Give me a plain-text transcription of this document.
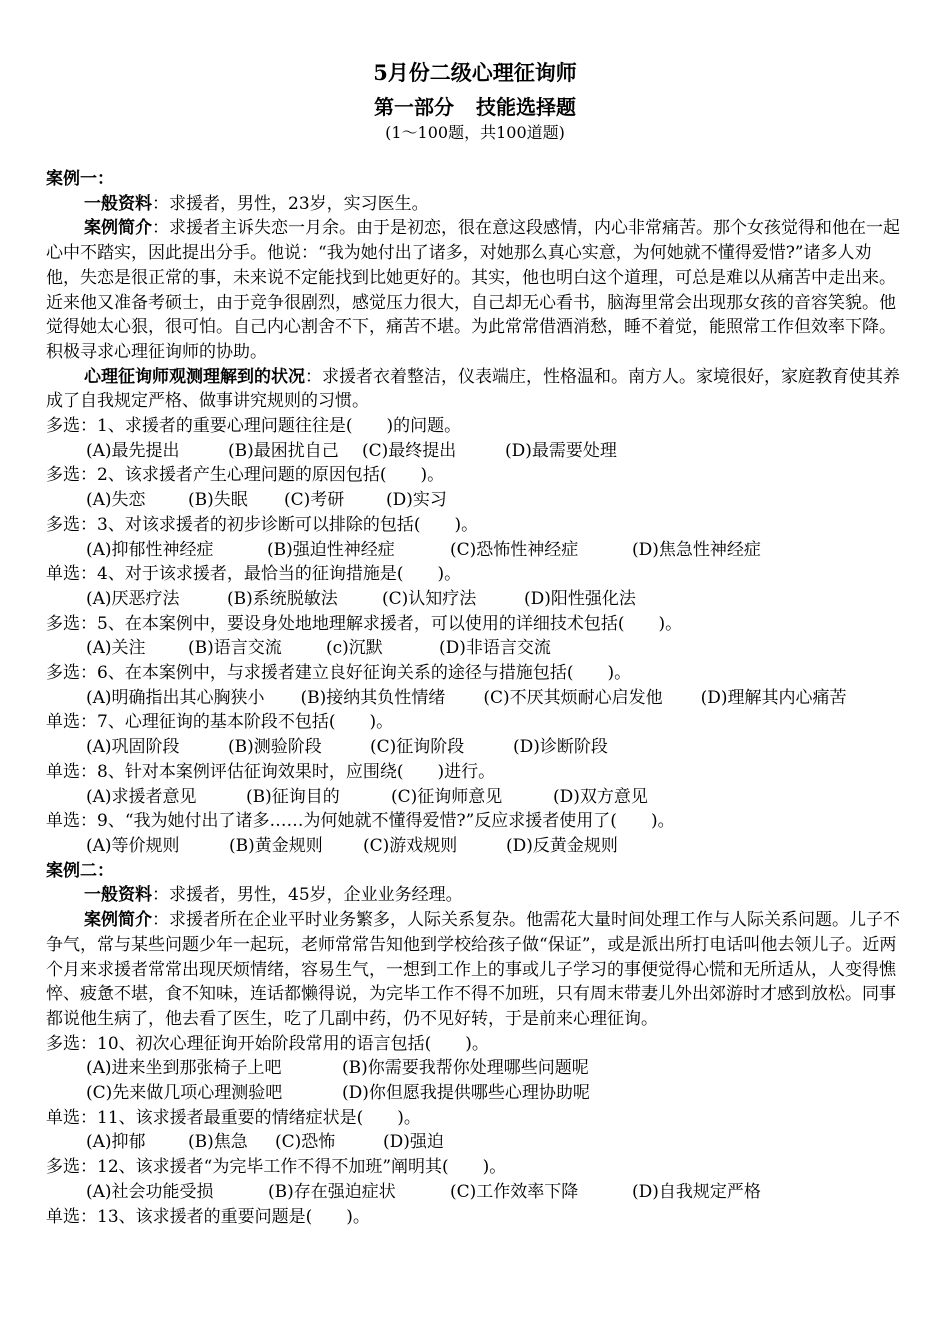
5月份二级心理征询师

第一部分 技能选择题

(1～100题，共100道题)

案例一：

一般资料：求援者，男性，23岁，实习医生。

案例简介：求援者主诉失恋一月余。由于是初恋，很在意这段感情，内心非常痛苦。那个女孩觉得和他在一起心中不踏实，因此提出分手。他说：“我为她付出了诸多，对她那么真心实意，为何她就不懂得爱惜?”诸多人劝他，失恋是很正常的事，未来说不定能找到比她更好的。其实，他也明白这个道理，可总是难以从痛苦中走出来。近来他又准备考硕士，由于竞争很剧烈，感觉压力很大，自己却无心看书，脑海里常会出现那女孩的音容笑貌。他觉得她太心狠，很可怕。自己内心割舍不下，痛苦不堪。为此常常借酒消愁，睡不着觉，能照常工作但效率下降。积极寻求心理征询师的协助。

心理征询师观测理解到的状况：求援者衣着整洁，仪表端庄，性格温和。南方人。家境很好，家庭教育使其养成了自我规定严格、做事讲究规则的习惯。

多选：1、求援者的重要心理问题往往是(　　)的问题。

(A)最先提出	(B)最困扰自己 (C)最终提出	(D)最需要处理

多选：2、该求援者产生心理问题的原因包括(　　)。

(A)失恋 (B)失眠 (C)考研 (D)实习

多选：3、对该求援者的初步诊断可以排除的包括(　　)。

(A)抑郁性神经症	(B)强迫性神经症	(C)恐怖性神经症	(D)焦急性神经症

单选：4、对于该求援者，最恰当的征询措施是(　　)。

(A)厌恶疗法	(B)系统脱敏法	(C)认知疗法	(D)阳性强化法

多选：5、在本案例中，要设身处地地理解求援者，可以使用的详细技术包括(　　)。

(A)关注 (B)语言交流	(c)沉默	(D)非语言交流

多选：6、在本案例中，与求援者建立良好征询关系的途径与措施包括(　　)。

(A)明确指出其心胸狭小 (B)接纳其负性情绪 (C)不厌其烦耐心启发他 (D)理解其内心痛苦

单选：7、心理征询的基本阶段不包括(　　)。

(A)巩固阶段	(B)测验阶段	(C)征询阶段	(D)诊断阶段

单选：8、针对本案例评估征询效果时，应围绕(　　)进行。

(A)求援者意见	(B)征询目的	(C)征询师意见	(D)双方意见

单选：9、“我为她付出了诸多……为何她就不懂得爱惜?”反应求援者使用了(　　)。

(A)等价规则	(B)黄金规则 (C)游戏规则	(D)反黄金规则

案例二：

一般资料：求援者，男性，45岁，企业业务经理。

案例简介：求援者所在企业平时业务繁多，人际关系复杂。他需花大量时间处理工作与人际关系问题。儿子不争气，常与某些问题少年一起玩，老师常常告知他到学校给孩子做“保证”，或是派出所打电话叫他去领儿子。近两个月来求援者常常出现厌烦情绪，容易生气，一想到工作上的事或儿子学习的事便觉得心慌和无所适从，人变得憔悴、疲惫不堪，食不知味，连话都懒得说，为完毕工作不得不加班，只有周末带妻儿外出郊游时才感到放松。同事都说他生病了，他去看了医生，吃了几副中药，仍不见好转，于是前来心理征询。

多选：10、初次心理征询开始阶段常用的语言包括(　　)。

(A)进来坐到那张椅子上吧	(B)你需要我帮你处理哪些问题呢

(C)先来做几项心理测验吧	(D)你但愿我提供哪些心理协助呢

单选：11、该求援者最重要的情绪症状是(　　)。

(A)抑郁 (B)焦急 (C)恐怖	(D)强迫

多选：12、该求援者“为完毕工作不得不加班”阐明其(　　)。

(A)社会功能受损	(B)存在强迫症状	(C)工作效率下降	(D)自我规定严格

单选：13、该求援者的重要问题是(　　)。
